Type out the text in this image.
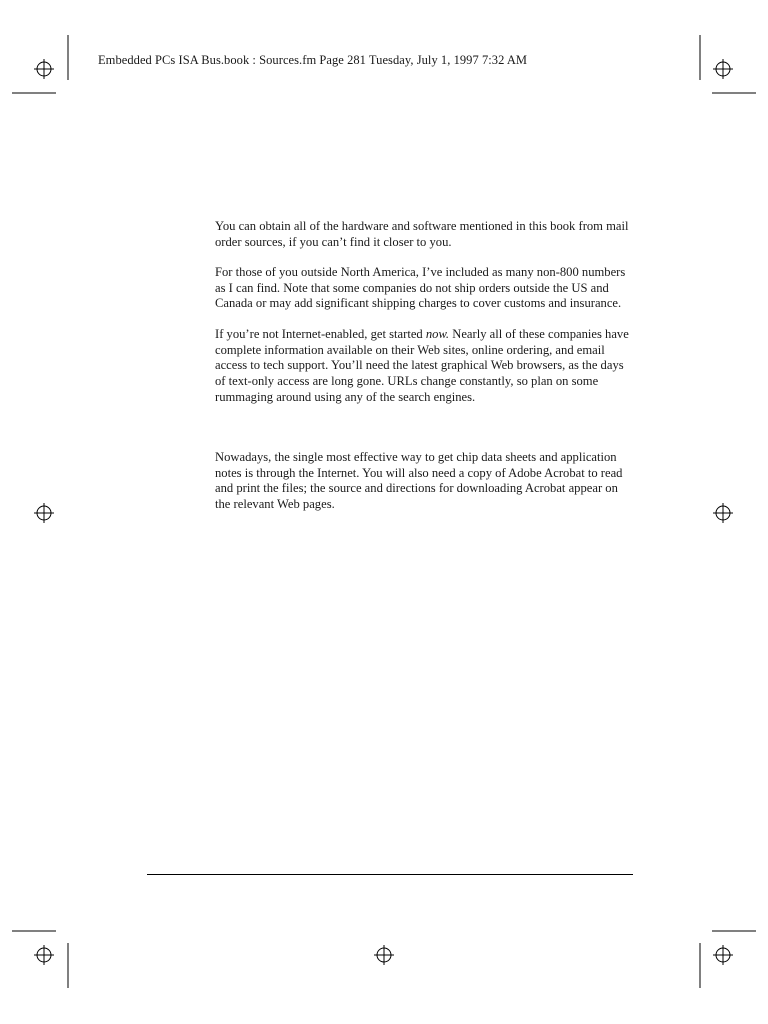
Embedded PCs ISA Bus.book : Sources.fm Page 281 Tuesday, July 1, 1997 7:32 AM

You can obtain all of the hardware and software mentioned in this book from mail order sources, if you can’t find it closer to you.

For those of you outside North America, I’ve included as many non-800 numbers as I can find. Note that some companies do not ship orders outside the US and Canada or may add significant shipping charges to cover customs and insurance.

If you’re not Internet-enabled, get started now. Nearly all of these companies have complete information available on their Web sites, online ordering, and email access to tech support. You’ll need the latest graphical Web browsers, as the days of text-only access are long gone. URLs change constantly, so plan on some rummaging around using any of the search engines.

Nowadays, the single most effective way to get chip data sheets and application notes is through the Internet. You will also need a copy of Adobe Acrobat to read and print the files; the source and directions for downloading Acrobat appear on the relevant Web pages.
